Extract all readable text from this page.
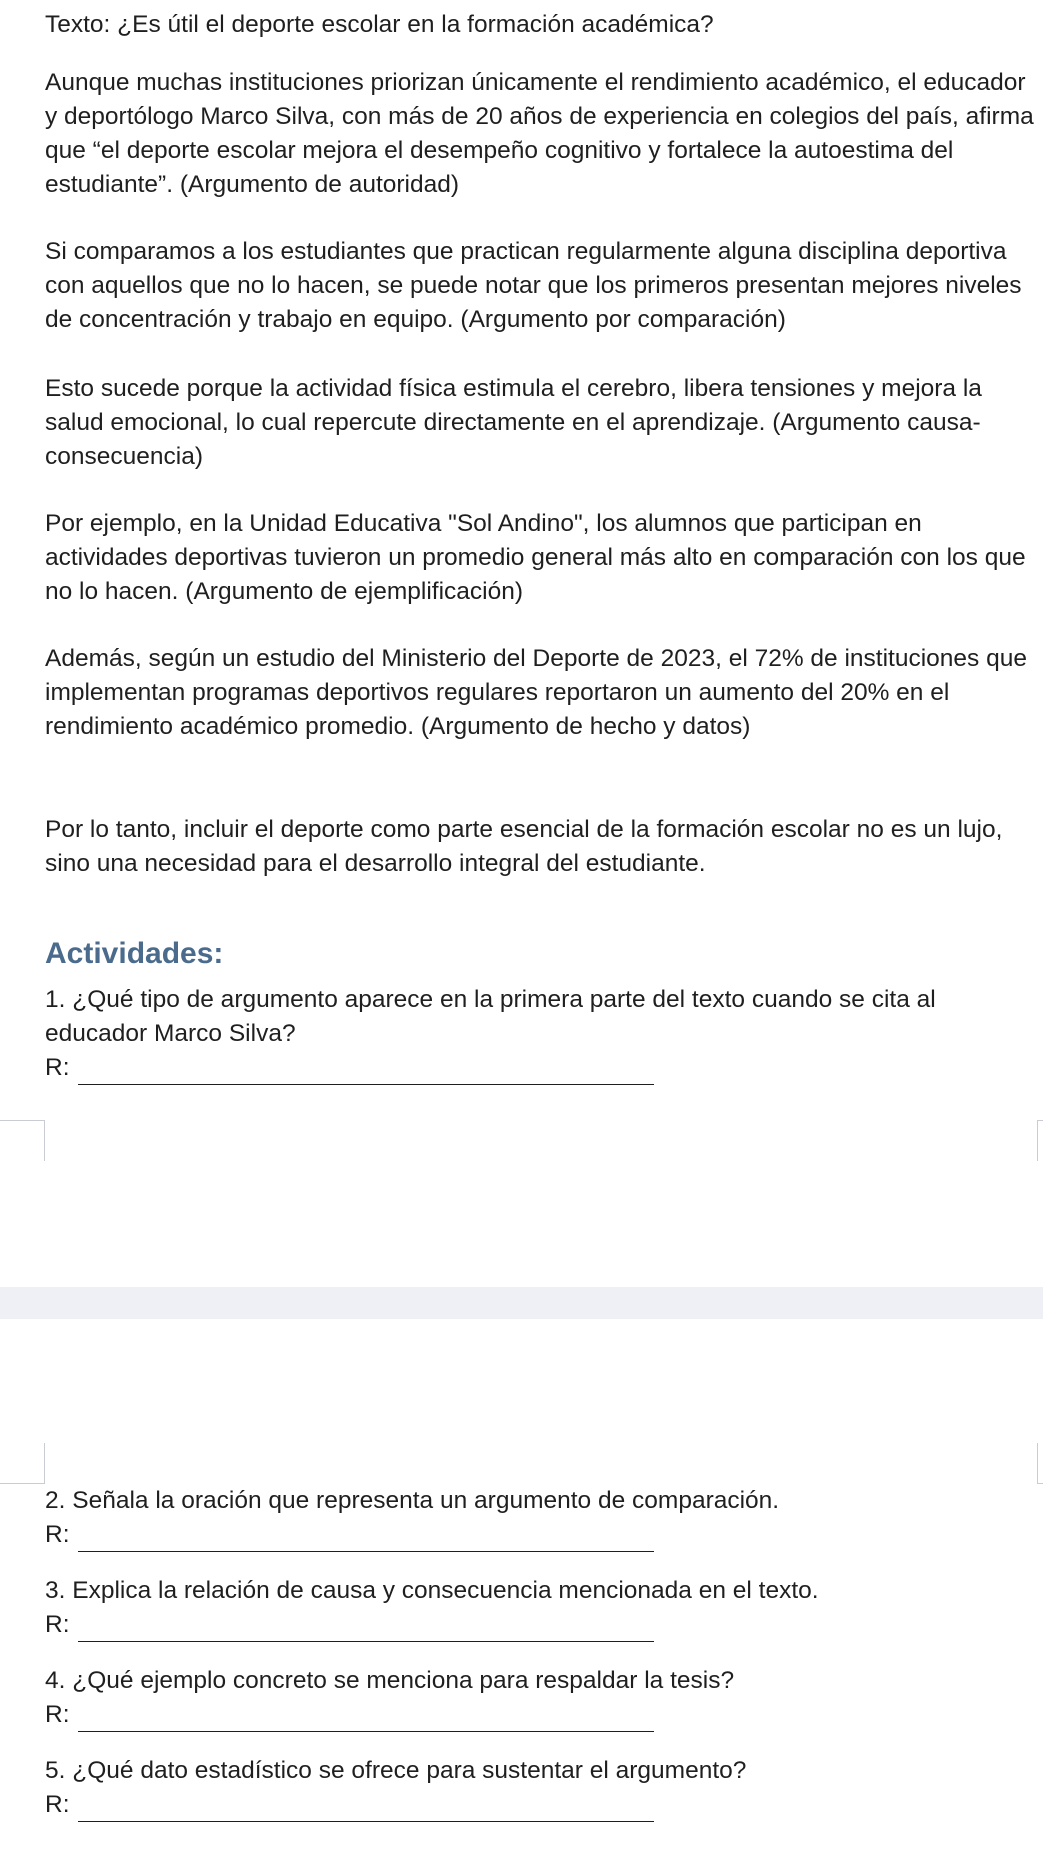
Texto: ¿Es útil el deporte escolar en la formación académica?

Aunque muchas instituciones priorizan únicamente el rendimiento académico, el educador y deportólogo Marco Silva, con más de 20 años de experiencia en colegios del país, afirma que “el deporte escolar mejora el desempeño cognitivo y fortalece la autoestima del estudiante”. (Argumento de autoridad)

Si comparamos a los estudiantes que practican regularmente alguna disciplina deportiva con aquellos que no lo hacen, se puede notar que los primeros presentan mejores niveles de concentración y trabajo en equipo. (Argumento por comparación)

Esto sucede porque la actividad física estimula el cerebro, libera tensiones y mejora la salud emocional, lo cual repercute directamente en el aprendizaje. (Argumento causa-consecuencia)

Por ejemplo, en la Unidad Educativa "Sol Andino", los alumnos que participan en actividades deportivas tuvieron un promedio general más alto en comparación con los que no lo hacen. (Argumento de ejemplificación)

Además, según un estudio del Ministerio del Deporte de 2023, el 72% de instituciones que implementan programas deportivos regulares reportaron un aumento del 20% en el rendimiento académico promedio. (Argumento de hecho y datos)

Por lo tanto, incluir el deporte como parte esencial de la formación escolar no es un lujo, sino una necesidad para el desarrollo integral del estudiante.

Actividades:

1. ¿Qué tipo de argumento aparece en la primera parte del texto cuando se cita al educador Marco Silva?

R:

2. Señala la oración que representa un argumento de comparación.

R:

3. Explica la relación de causa y consecuencia mencionada en el texto.

R:

4. ¿Qué ejemplo concreto se menciona para respaldar la tesis?

R:

5. ¿Qué dato estadístico se ofrece para sustentar el argumento?

R:
